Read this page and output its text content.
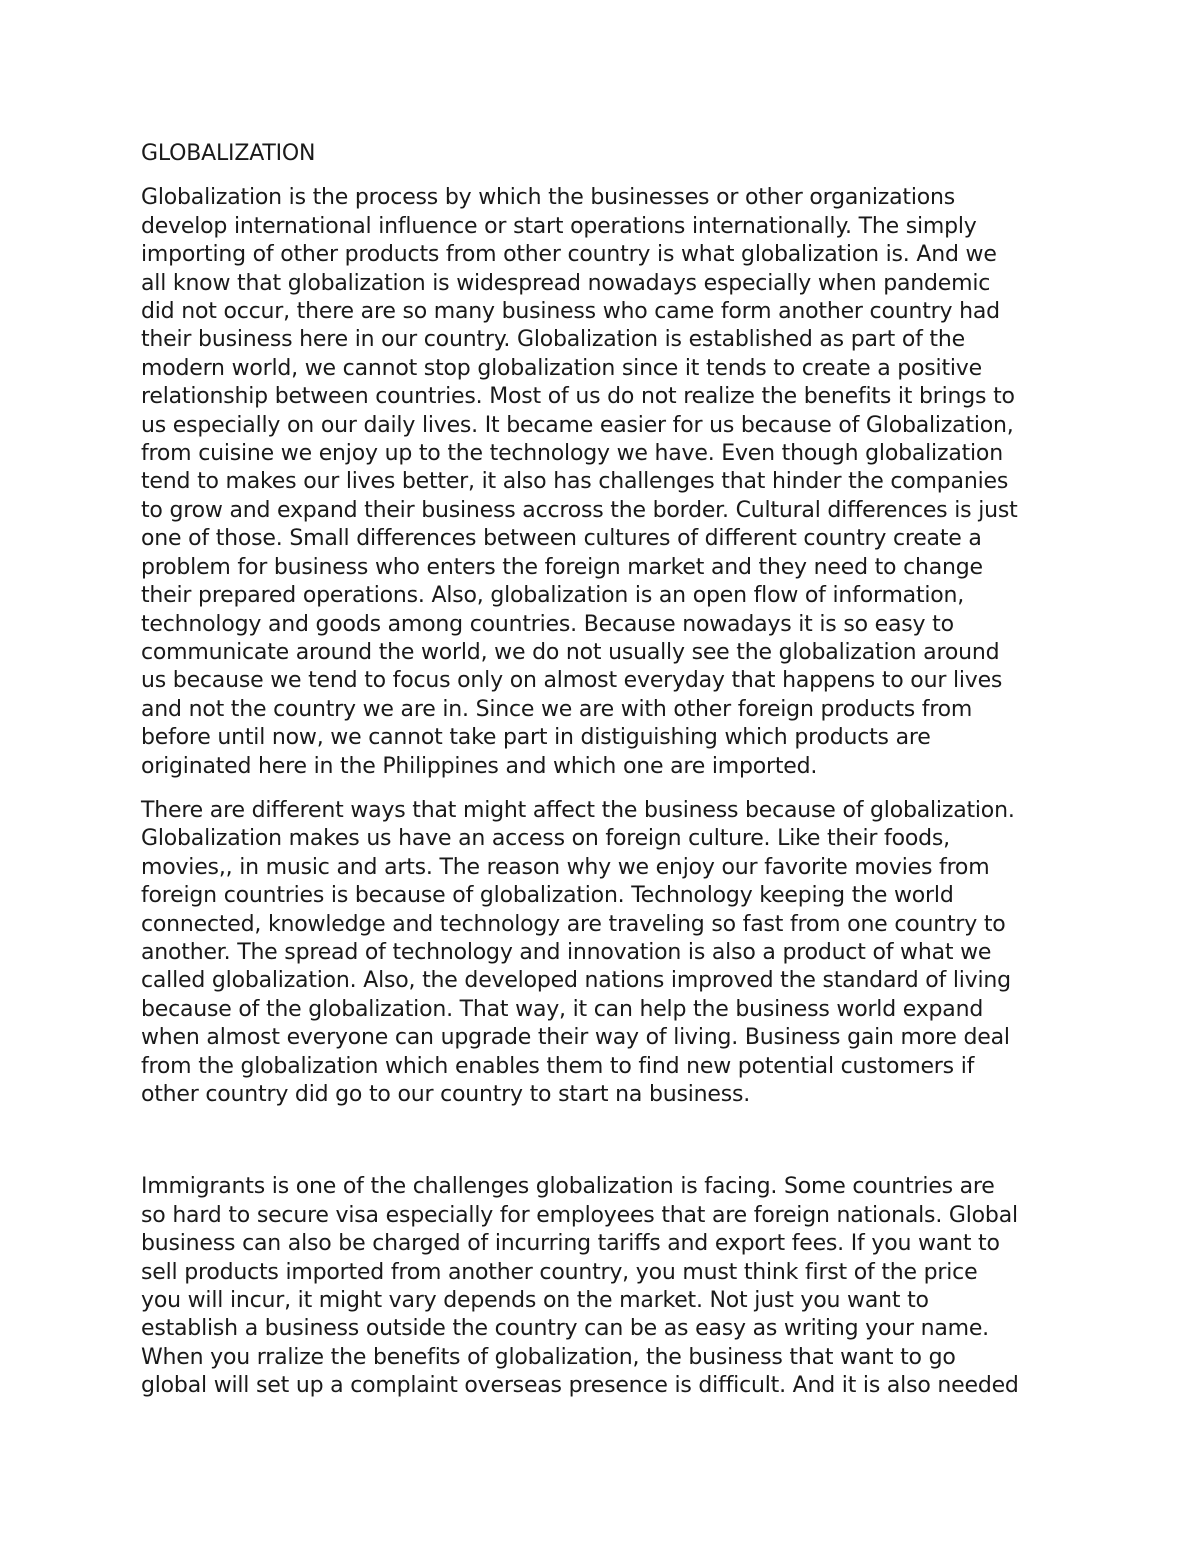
GLOBALIZATION
Globalization is the process by which the businesses or other organizations
develop international influence or start operations internationally. The simply
importing of other products from other country is what globalization is. And we
all know that globalization is widespread nowadays especially when pandemic
did not occur, there are so many business who came form another country had
their business here in our country. Globalization is established as part of the
modern world, we cannot stop globalization since it tends to create a positive
relationship between countries. Most of us do not realize the benefits it brings to
us especially on our daily lives. It became easier for us because of Globalization,
from cuisine we enjoy up to the technology we have. Even though globalization
tend to makes our lives better, it also has challenges that hinder the companies
to grow and expand their business accross the border. Cultural differences is just
one of those. Small differences between cultures of different country create a
problem for business who enters the foreign market and they need to change
their prepared operations. Also, globalization is an open flow of information,
technology and goods among countries. Because nowadays it is so easy to
communicate around the world, we do not usually see the globalization around
us because we tend to focus only on almost everyday that happens to our lives
and not the country we are in. Since we are with other foreign products from
before until now, we cannot take part in distiguishing which products are
originated here in the Philippines and which one are imported.
There are different ways that might affect the business because of globalization.
Globalization makes us have an access on foreign culture. Like their foods,
movies,, in music and arts. The reason why we enjoy our favorite movies from
foreign countries is because of globalization. Technology keeping the world
connected, knowledge and technology are traveling so fast from one country to
another. The spread of technology and innovation is also a product of what we
called globalization. Also, the developed nations improved the standard of living
because of the globalization. That way, it can help the business world expand
when almost everyone can upgrade their way of living. Business gain more deal
from the globalization which enables them to find new potential customers if
other country did go to our country to start na business.
Immigrants is one of the challenges globalization is facing. Some countries are
so hard to secure visa especially for employees that are foreign nationals. Global
business can also be charged of incurring tariffs and export fees. If you want to
sell products imported from another country, you must think first of the price
you will incur, it might vary depends on the market. Not just you want to
establish a business outside the country can be as easy as writing your name.
When you rralize the benefits of globalization, the business that want to go
global will set up a complaint overseas presence is difficult. And it is also needed
